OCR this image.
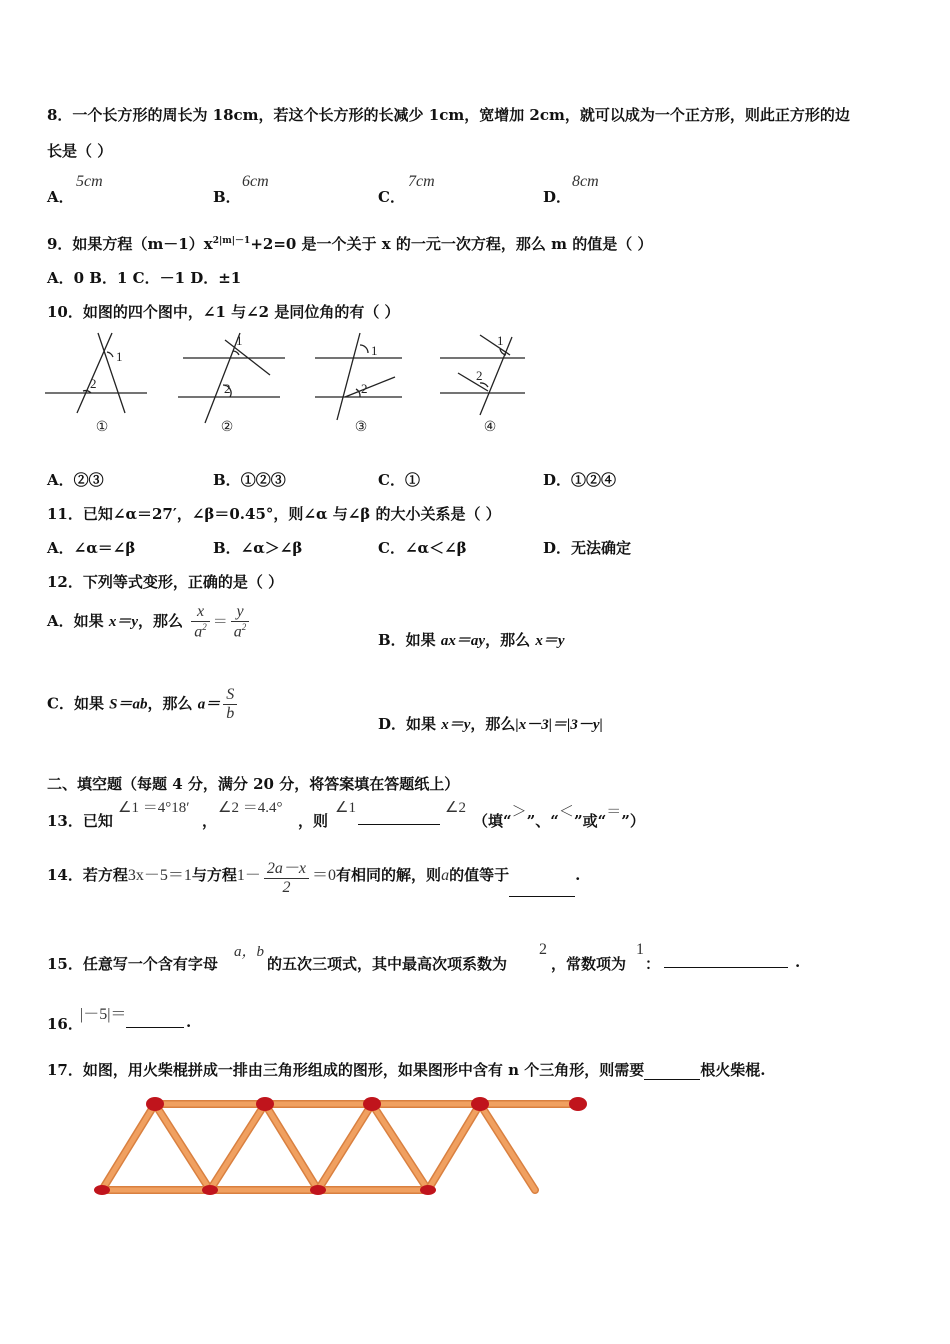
8．一个长方形的周长为 18cm，若这个长方形的长减少 1cm，宽增加 2cm，就可以成为一个正方形，则此正方形的边
长是（ ）
A．
5cm
B．
6cm
C．
7cm
D．
8cm
9．如果方程$(m-1)x^{2|m|-1}+2=0$ 是一个关于 x 的一元一次方程，那么 m 的值是（ ）
A．0 B．1 C．－1 D．±1
10．如图的四个图中，∠1 与∠2 是同位角的有（ ）
1
2
1
2
1
2
1
2
①	②	③	④
A．②③	B．①②③	C．①	D．①②④
11．已知∠α＝27′，∠β＝0.45°，则∠α 与∠β 的大小关系是（ ）
A．∠α＝∠β	B．∠α＞∠β	C．∠α＜∠β	D．无法确定
12．下列等式变形，正确的是（ ）
A．如果 x＝y，那么 $\frac{x}{a^2} = \frac{y}{a^2}$	B．如果 ax＝ay，那么 x＝y
C．如果 S＝ab，那么 $a= \frac{S}{b}$
D．如果 x＝y，那么|x－3|＝|3－y|
二、填空题（每题 4 分，满分 20 分，将答案填在答题纸上）
13．已知
∠1 ＝4°18′
，
∠2 ＝4.4°
，则
∠1	∠2
（填“＞”、“＜”或“＝”）
14．若方程3x－5＝1与方程$1- \frac{2a-x}{2} =0$有相同的解，则a的值等于	.
15．任意写一个含有字母
a，b
的五次三项式，其中最高次项系数为
2
，常数项为
1
：	.
16．
|－5|＝	.
17．如图，用火柴棍拼成一排由三角形组成的图形，如果图形中含有 n 个三角形，则需要	根火柴棍.
